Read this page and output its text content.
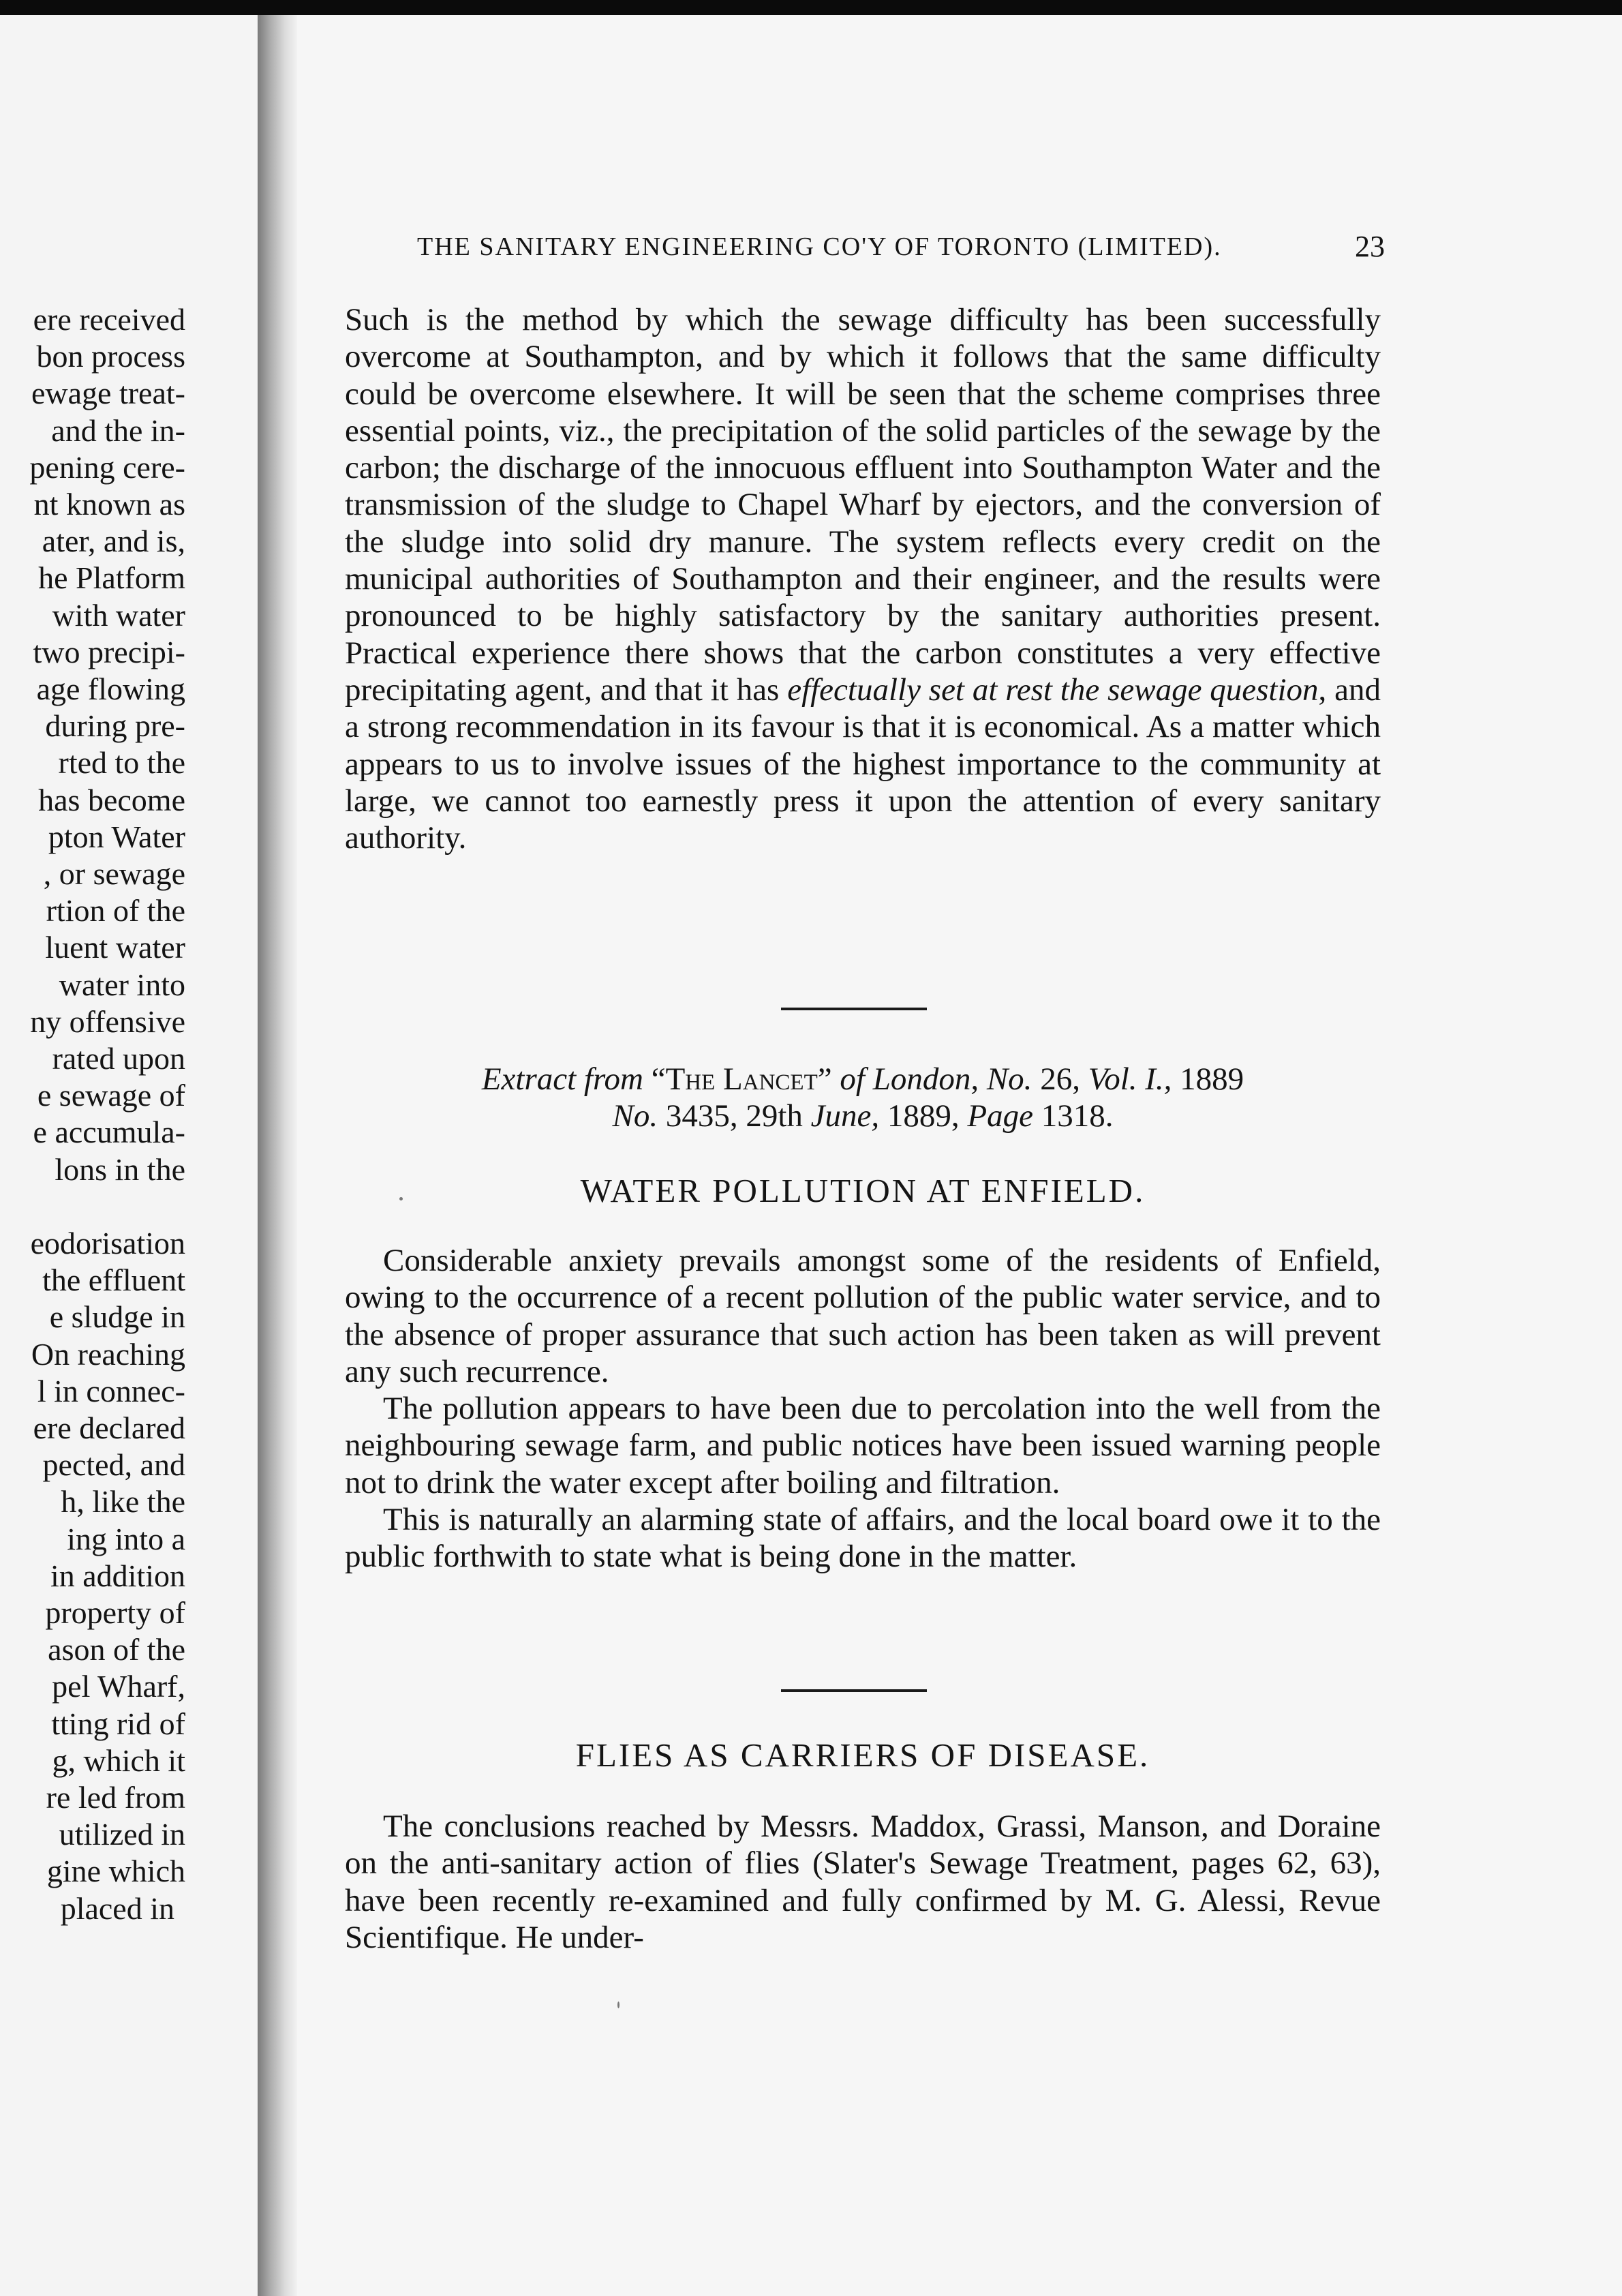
ere received
bon process
ewage treat-
and the in-
pening cere-
nt known as
ater, and is,
he Platform
with water
two precipi-
age flowing
during pre-
rted to the
has become
pton Water
, or sewage
rtion of the
luent water
water into
ny offensive
rated upon
e sewage of
e accumula-
lons in the
eodorisation
the effluent
e sludge in
On reaching
l in connec-
ere declared
pected, and
h, like the
ing into a
in addition
property of
ason of the
pel Wharf,
tting rid of
g, which it
re led from
utilized in
gine which
placed in
THE SANITARY ENGINEERING CO'Y OF TORONTO (LIMITED).	23

Such is the method by which the sewage difficulty has been successfully overcome at Southampton, and by which it follows that the same difficulty could be overcome elsewhere. It will be seen that the scheme comprises three essential points, viz., the precipitation of the solid particles of the sewage by the carbon; the discharge of the innocuous effluent into Southampton Water and the transmission of the sludge to Chapel Wharf by ejectors, and the conversion of the sludge into solid dry manure. The system reflects every credit on the municipal authorities of Southampton and their engineer, and the results were pronounced to be highly satisfactory by the sanitary authorities present. Practical experience there shows that the carbon constitutes a very effective precipitating agent, and that it has effectually set at rest the sewage question, and a strong recommendation in its favour is that it is economical. As a matter which appears to us to involve issues of the highest importance to the community at large, we cannot too earnestly press it upon the attention of every sanitary authority.

Extract from “The Lancet” of London, No. 26, Vol. I., 1889
No. 3435, 29th June, 1889, Page 1318.
WATER POLLUTION AT ENFIELD.

Considerable anxiety prevails amongst some of the residents of Enfield, owing to the occurrence of a recent pollution of the public water service, and to the absence of proper assurance that such action has been taken as will prevent any such recurrence.

The pollution appears to have been due to percolation into the well from the neighbouring sewage farm, and public notices have been issued warning people not to drink the water except after boiling and filtration.

This is naturally an alarming state of affairs, and the local board owe it to the public forthwith to state what is being done in the matter.

FLIES AS CARRIERS OF DISEASE.

The conclusions reached by Messrs. Maddox, Grassi, Manson, and Doraine on the anti-sanitary action of flies (Slater's Sewage Treatment, pages 62, 63), have been recently re-examined and fully confirmed by M. G. Alessi, Revue Scientifique. He under-
